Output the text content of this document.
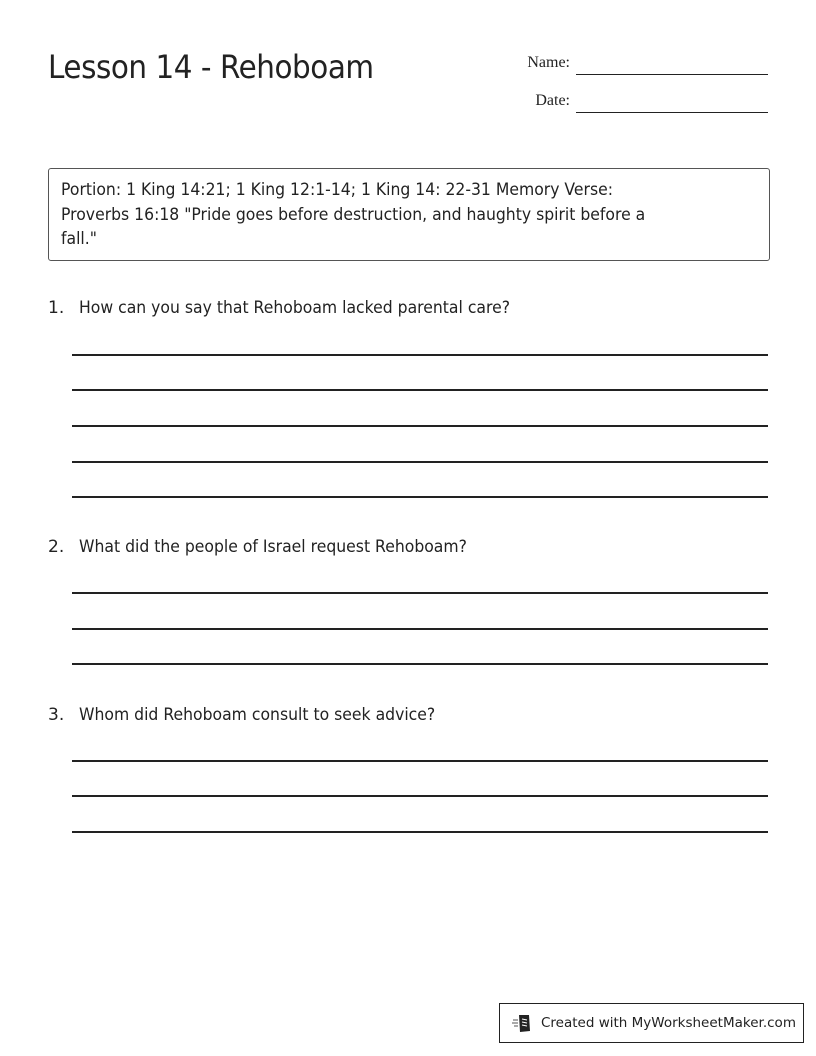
Lesson 14 - Rehoboam	Name:
Date:
Portion: 1 King 14:21; 1 King 12:1-14; 1 King 14: 22-31 Memory Verse:
Proverbs 16:18 "Pride goes before destruction, and haughty spirit before a
fall."
1. How can you say that Rehoboam lacked parental care?
2. What did the people of Israel request Rehoboam?
3. Whom did Rehoboam consult to seek advice?
Created with MyWorksheetMaker.com
